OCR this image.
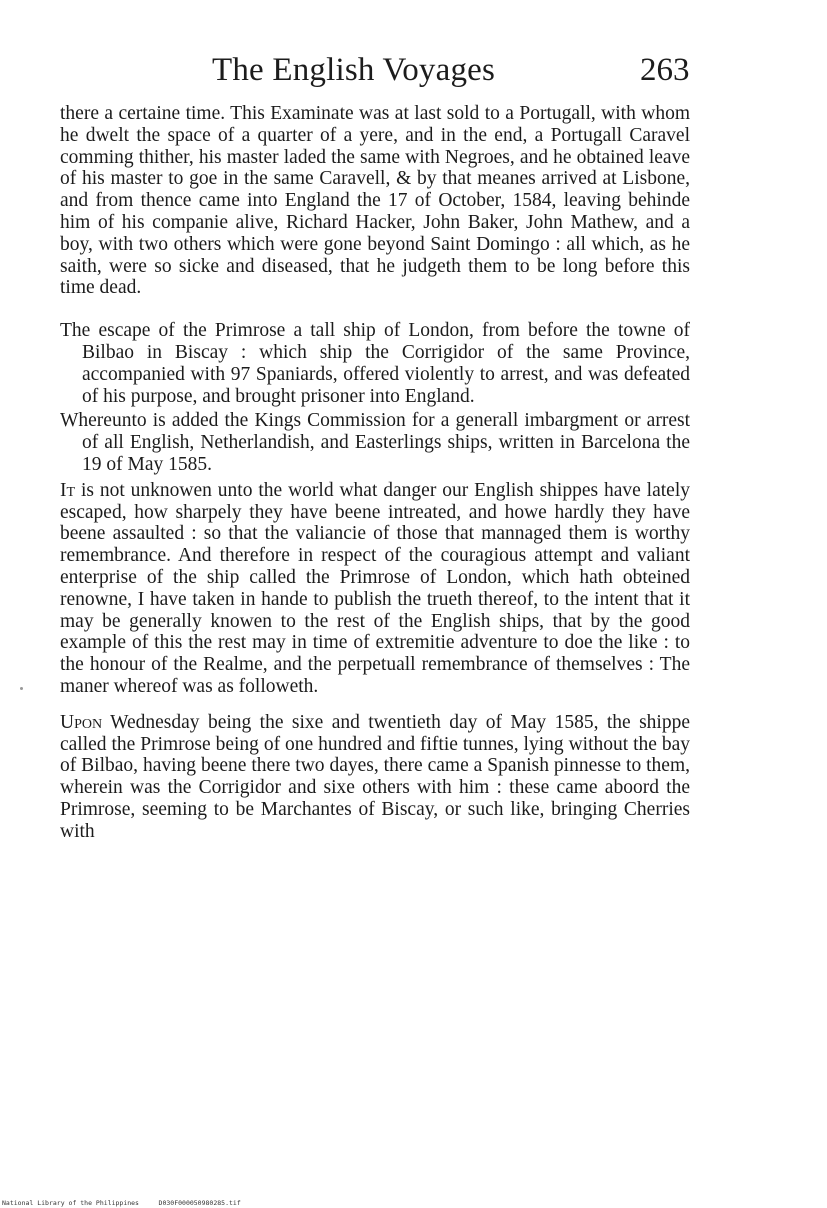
The English Voyages	263

there a certaine time. This Examinate was at last sold to a Portugall, with whom he dwelt the space of a quarter of a yere, and in the end, a Portugall Caravel comming thither, his master laded the same with Negroes, and he obtained leave of his master to goe in the same Caravell, & by that meanes arrived at Lisbone, and from thence came into England the 17 of October, 1584, leaving behinde him of his companie alive, Richard Hacker, John Baker, John Mathew, and a boy, with two others which were gone beyond Saint Domingo : all which, as he saith, were so sicke and diseased, that he judgeth them to be long before this time dead.

The escape of the Primrose a tall ship of London, from before the towne of Bilbao in Biscay : which ship the Corrigidor of the same Province, accompanied with 97 Spaniards, offered violently to arrest, and was defeated of his purpose, and brought prisoner into England.

Whereunto is added the Kings Commission for a generall imbargment or arrest of all English, Netherlandish, and Easterlings ships, written in Barcelona the 19 of May 1585.

It is not unknowen unto the world what danger our English shippes have lately escaped, how sharpely they have beene intreated, and howe hardly they have beene assaulted : so that the valiancie of those that mannaged them is worthy remembrance. And therefore in respect of the couragious attempt and valiant enterprise of the ship called the Primrose of London, which hath obteined renowne, I have taken in hande to publish the trueth thereof, to the intent that it may be generally knowen to the rest of the English ships, that by the good example of this the rest may in time of extremitie adventure to doe the like : to the honour of the Realme, and the perpetuall remembrance of themselves : The maner whereof was as followeth.

Upon Wednesday being the sixe and twentieth day of May 1585, the shippe called the Primrose being of one hundred and fiftie tunnes, lying without the bay of Bilbao, having beene there two dayes, there came a Spanish pinnesse to them, wherein was the Corrigidor and sixe others with him : these came aboord the Primrose, seeming to be Marchantes of Biscay, or such like, bringing Cherries with

National Library of the Philippines	D030F000050980285.tif
